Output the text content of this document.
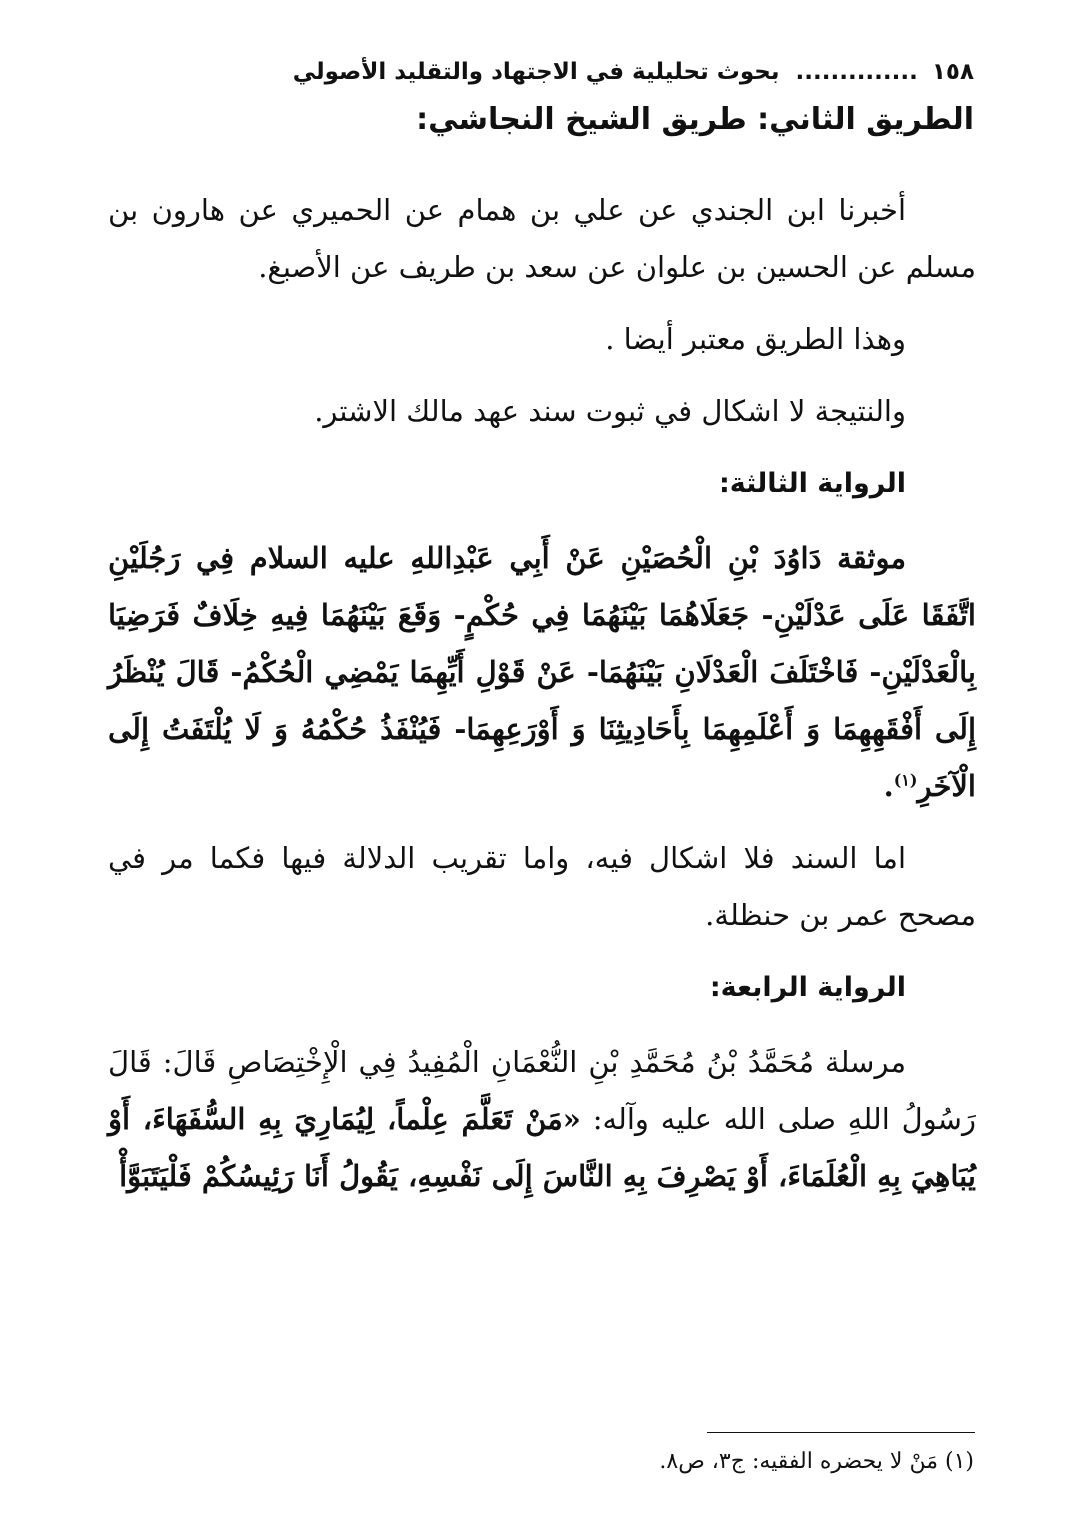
١٥٨ .............. بحوث تحليلية في الاجتهاد والتقليد الأصولي
الطريق الثاني: طريق الشيخ النجاشي:

أخبرنا ابن الجندي عن علي بن همام عن الحميري عن هارون بن مسلم عن الحسين بن علوان عن سعد بن طريف عن الأصبغ.

وهذا الطريق معتبر أيضا .

والنتيجة لا اشكال في ثبوت سند عهد مالك الاشتر.

الرواية الثالثة:

موثقة دَاوُدَ بْنِ الْحُصَيْنِ عَنْ أَبِي عَبْدِاللهِ عليه السلام فِي رَجُلَيْنِ اتَّفَقَا عَلَى عَدْلَيْنِ- جَعَلَاهُمَا بَيْنَهُمَا فِي حُكْمٍ- وَقَعَ بَيْنَهُمَا فِيهِ خِلَافٌ فَرَضِيَا بِالْعَدْلَيْنِ- فَاخْتَلَفَ الْعَدْلَانِ بَيْنَهُمَا- عَنْ قَوْلِ أَيِّهِمَا يَمْضِي الْحُكْمُ- قَالَ يُنْظَرُ إِلَى أَفْقَهِهِمَا وَ أَعْلَمِهِمَا بِأَحَادِيثِنَا وَ أَوْرَعِهِمَا- فَيُنْفَذُ حُكْمُهُ وَ لَا يُلْتَفَتُ إِلَى الْآخَرِ$^{(١)}$.

اما السند فلا اشكال فيه، واما تقريب الدلالة فيها فكما مر في مصحح عمر بن حنظلة.

الرواية الرابعة:

مرسلة مُحَمَّدُ بْنُ مُحَمَّدِ بْنِ النُّعْمَانِ الْمُفِيدُ فِي الْإِخْتِصَاصِ قَالَ: قَالَ رَسُولُ اللهِ صلى الله عليه وآله: «مَنْ تَعَلَّمَ عِلْماً، لِيُمَارِيَ بِهِ السُّفَهَاءَ، أَوْ يُبَاهِيَ بِهِ الْعُلَمَاءَ، أَوْ يَصْرِفَ بِهِ النَّاسَ إِلَى نَفْسِهِ، يَقُولُ أَنَا رَئِيسُكُمْ فَلْيَتَبَوَّأْ

(١) مَنْ لا يحضره الفقيه: ج٣، ص٨.
